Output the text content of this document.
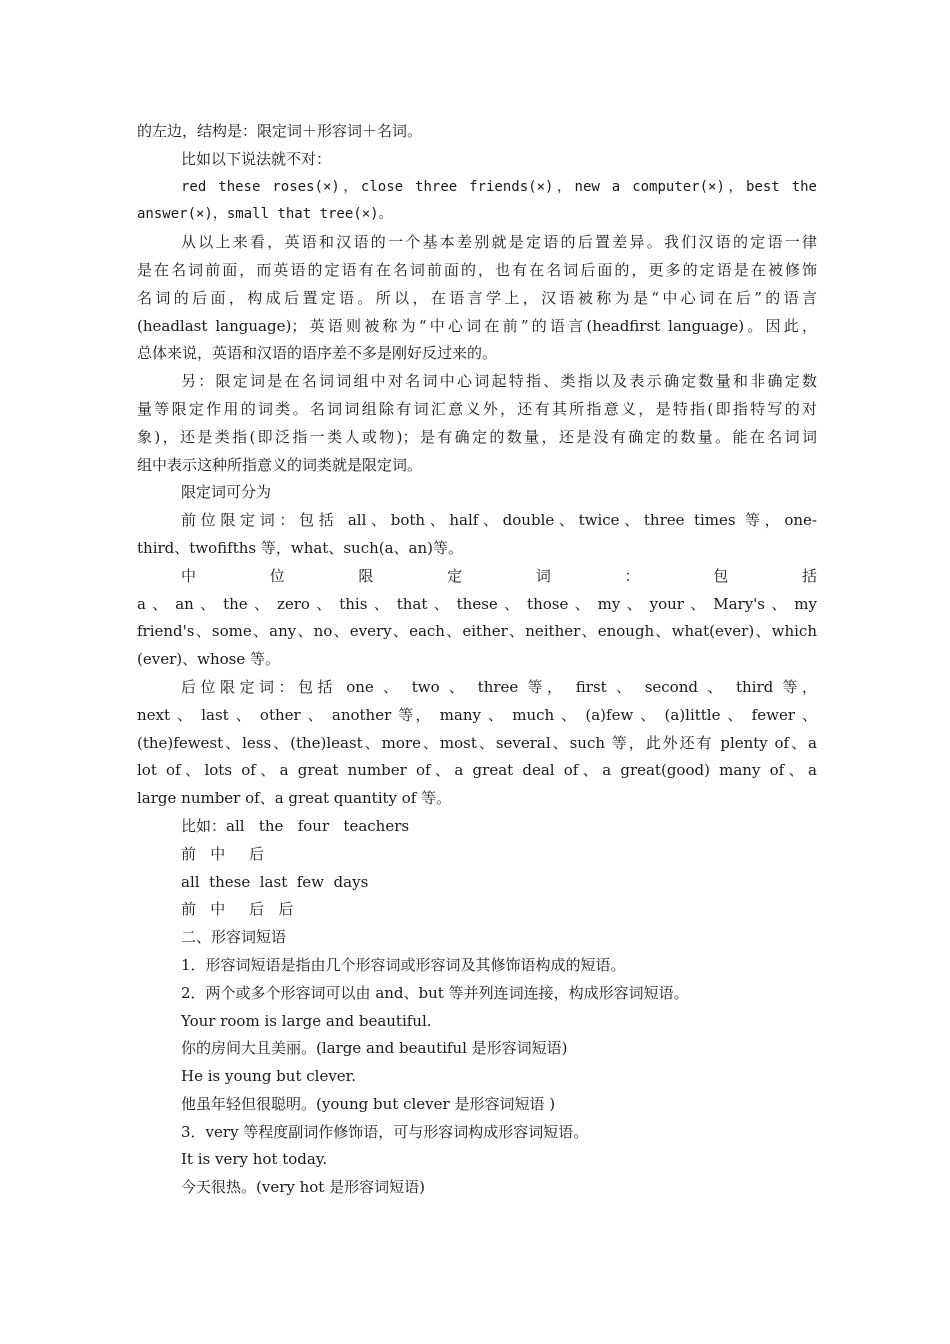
的左边，结构是：限定词＋形容词＋名词。
比如以下说法就不对：
red these roses(×)，close three friends(×)，new a computer(×)，best the
answer(×)，small that tree(×)。
从以上来看，英语和汉语的一个基本差别就是定语的后置差异。我们汉语的定语一律
是在名词前面，而英语的定语有在名词前面的，也有在名词后面的，更多的定语是在被修饰
名词的后面，构成后置定语。所以，在语言学上，汉语被称为是“中心词在后”的语言
(headlast language)；英语则被称为“中心词在前”的语言(headfirst language)。因此，
总体来说，英语和汉语的语序差不多是刚好反过来的。
另：限定词是在名词词组中对名词中心词起特指、类指以及表示确定数量和非确定数
量等限定作用的词类。名词词组除有词汇意义外，还有其所指意义，是特指(即指特写的对
象)，还是类指(即泛指一类人或物)；是有确定的数量，还是没有确定的数量。能在名词词
组中表示这种所指意义的词类就是限定词。
限定词可分为
前位限定词：包括 all、both、half、double、twice、three times 等，one-
third、twofifths 等，what、such(a、an)等。
中 位 限 定 词 ： 包 括
a 、 an 、 the 、 zero 、 this 、 that 、 these 、 those 、 my 、 your 、 Mary's 、 my
friend's、some、any、no、every、each、either、neither、enough、what(ever)、which
(ever)、whose 等。
后位限定词：包括 one 、 two 、 three 等， first 、 second 、 third 等，
next 、 last 、 other 、 another 等， many 、 much 、 (a)few 、 (a)little 、 fewer 、
(the)fewest、less、(the)least、more、most、several、such 等，此外还有 plenty of、a
lot of、lots of、a great number of、a great deal of、a great(good) many of、a
large number of、a great quantity of 等。
比如：all   the   four   teachers
前   中     后
all  these  last  few  days
前   中     后   后
二、形容词短语
1．形容词短语是指由几个形容词或形容词及其修饰语构成的短语。
2．两个或多个形容词可以由 and、but 等并列连词连接，构成形容词短语。
Your room is large and beautiful.
你的房间大且美丽。(large and beautiful 是形容词短语)
He is young but clever.
他虽年轻但很聪明。(young but clever 是形容词短语 )
3．very 等程度副词作修饰语，可与形容词构成形容词短语。
It is very hot today.
今天很热。(very hot 是形容词短语)
